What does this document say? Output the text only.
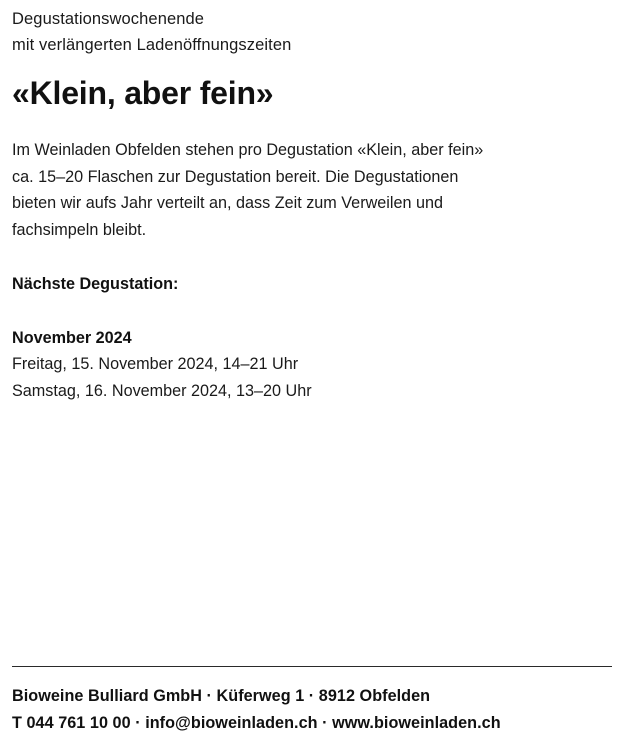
Degustationswochenende
mit verlängerten Ladenöffnungszeiten
«Klein, aber fein»
Im Weinladen Obfelden stehen pro Degustation «Klein, aber fein»
ca. 15–20 Flaschen zur Degustation bereit. Die Degustationen
bieten wir aufs Jahr verteilt an, dass Zeit zum Verweilen und
fachsimpeln bleibt.
Nächste Degustation:
November 2024
Freitag, 15. November 2024, 14–21 Uhr
Samstag, 16. November 2024, 13–20 Uhr
Bioweine Bulliard GmbH · Küferweg 1 · 8912 Obfelden
T 044 761 10 00 · info@bioweinladen.ch · www.bioweinladen.ch
